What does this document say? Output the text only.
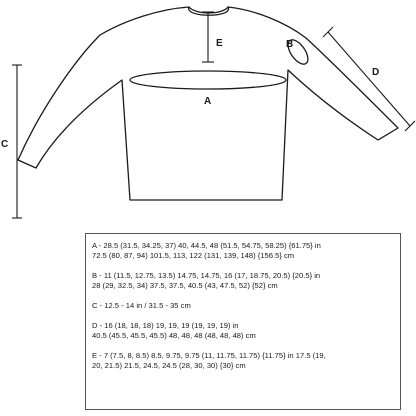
A
B
C
D
E
A - 28.5 (31.5, 34.25, 37) 40, 44.5, 48 (51.5, 54.75, 58.25) {61.75} in
72.5 (80, 87, 94) 101.5, 113, 122 (131, 139, 148) {156.5} cm
B - 11 (11.5, 12.75, 13.5) 14.75, 14.75, 16 (17, 18.75, 20.5) {20.5} in
28 (29, 32.5, 34) 37.5, 37.5, 40.5 (43, 47.5, 52) {52} cm
C - 12.5 - 14 in / 31.5 - 35 cm
D - 16 (18, 18, 18) 19, 19, 19 (19, 19, 19) in
40.5 (45.5, 45.5, 45.5) 48, 48, 48 (48, 48, 48) cm
E - 7 (7.5, 8, 8.5) 8.5, 9.75, 9.75 (11, 11.75, 11.75) {11.75} in 17.5 (19,
20, 21.5) 21.5, 24.5, 24.5 (28, 30, 30) {30} cm
